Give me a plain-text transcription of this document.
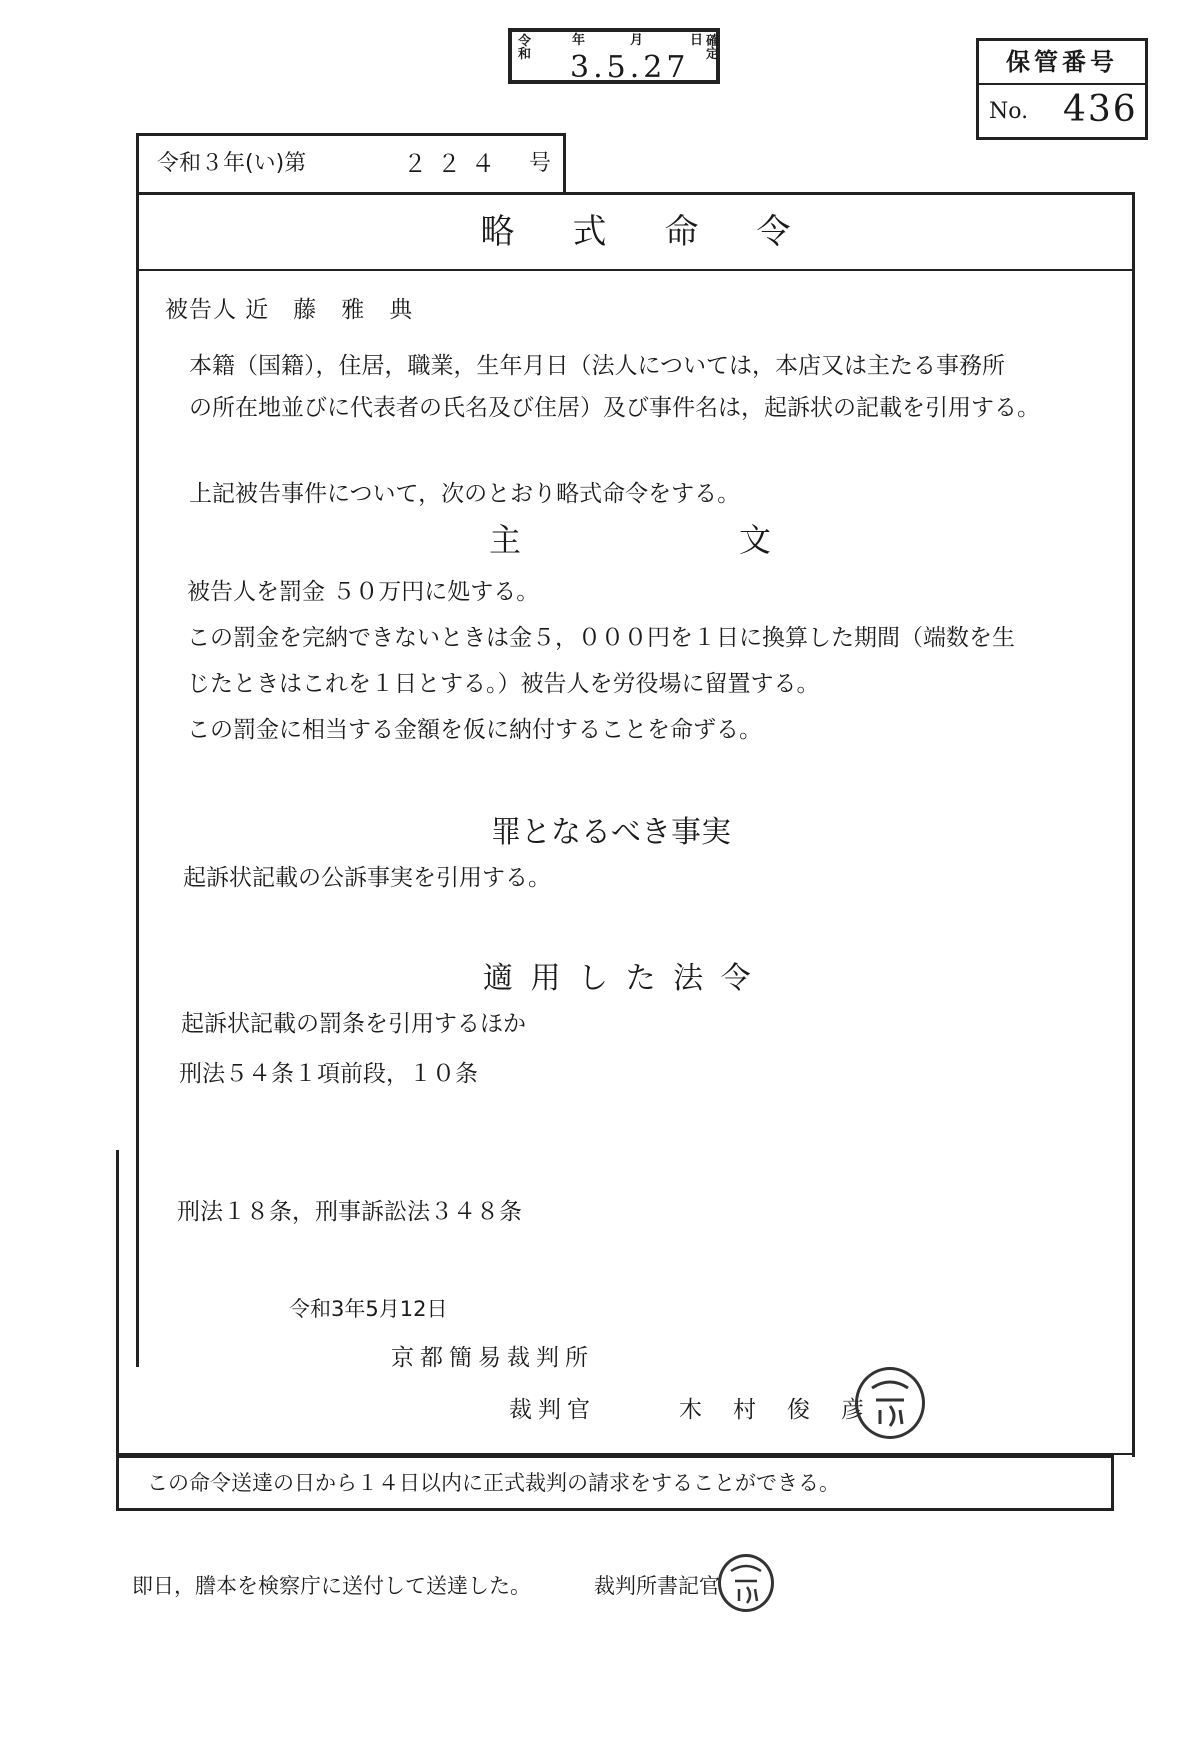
令和
年	月	日 確定
3.5.27	保管番号
No. 436
令和３年(い)第	２２４ 号
略式命令
被告人 近　藤　雅　典
本籍（国籍），住居，職業，生年月日（法人については，本店又は主たる事務所
の所在地並びに代表者の氏名及び住居）及び事件名は，起訴状の記載を引用する。
上記被告事件について，次のとおり略式命令をする。
主	文
被告人を罰金 ５０万円に処する。
この罰金を完納できないときは金５，０００円を１日に換算した期間（端数を生
じたときはこれを１日とする。）被告人を労役場に留置する。
この罰金に相当する金額を仮に納付することを命ずる。
罪となるべき事実
起訴状記載の公訴事実を引用する。
適 用 し た 法 令
起訴状記載の罰条を引用するほか
刑法５４条１項前段，１０条
刑法１８条，刑事訴訟法３４８条
令和3年5月12日
京都簡易裁判所
裁判官	木　村　俊　彦
この命令送達の日から１４日以内に正式裁判の請求をすることができる。
即日，謄本を検察庁に送付して送達した。	裁判所書記官
